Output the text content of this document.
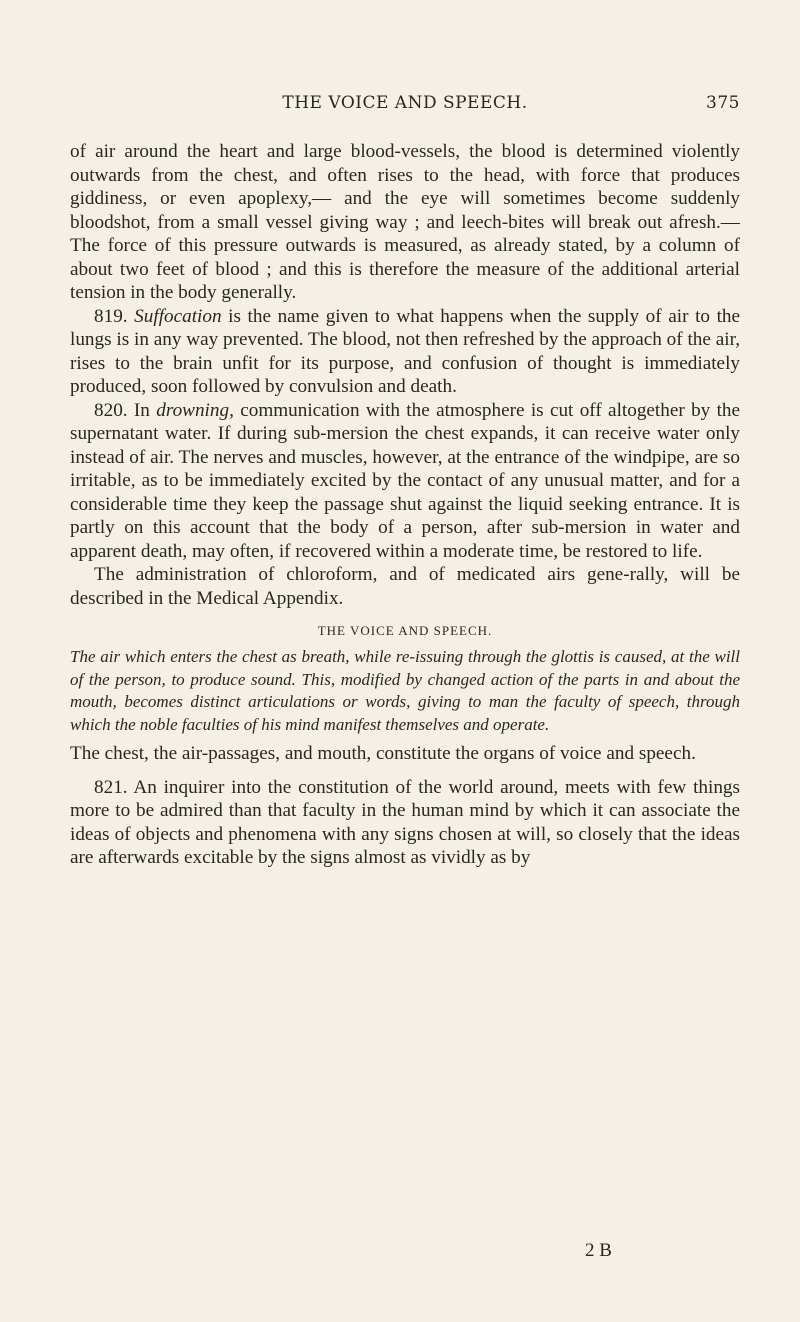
THE VOICE AND SPEECH.	375

of air around the heart and large blood-vessels, the blood is determined violently outwards from the chest, and often rises to the head, with force that produces giddiness, or even apoplexy,— and the eye will sometimes become suddenly bloodshot, from a small vessel giving way ; and leech-bites will break out afresh.— The force of this pressure outwards is measured, as already stated, by a column of about two feet of blood ; and this is therefore the measure of the additional arterial tension in the body generally.

819. Suffocation is the name given to what happens when the supply of air to the lungs is in any way prevented. The blood, not then refreshed by the approach of the air, rises to the brain unfit for its purpose, and confusion of thought is immediately produced, soon followed by convulsion and death.

820. In drowning, communication with the atmosphere is cut off altogether by the supernatant water. If during sub-mersion the chest expands, it can receive water only instead of air. The nerves and muscles, however, at the entrance of the windpipe, are so irritable, as to be immediately excited by the contact of any unusual matter, and for a considerable time they keep the passage shut against the liquid seeking entrance. It is partly on this account that the body of a person, after sub-mersion in water and apparent death, may often, if recovered within a moderate time, be restored to life.

The administration of chloroform, and of medicated airs gene-rally, will be described in the Medical Appendix.

THE VOICE AND SPEECH.

The air which enters the chest as breath, while re-issuing through the glottis is caused, at the will of the person, to produce sound. This, modified by changed action of the parts in and about the mouth, becomes distinct articulations or words, giving to man the faculty of speech, through which the noble faculties of his mind manifest themselves and operate.

The chest, the air-passages, and mouth, constitute the organs of voice and speech.

821. An inquirer into the constitution of the world around, meets with few things more to be admired than that faculty in the human mind by which it can associate the ideas of objects and phenomena with any signs chosen at will, so closely that the ideas are afterwards excitable by the signs almost as vividly as by

2 B
